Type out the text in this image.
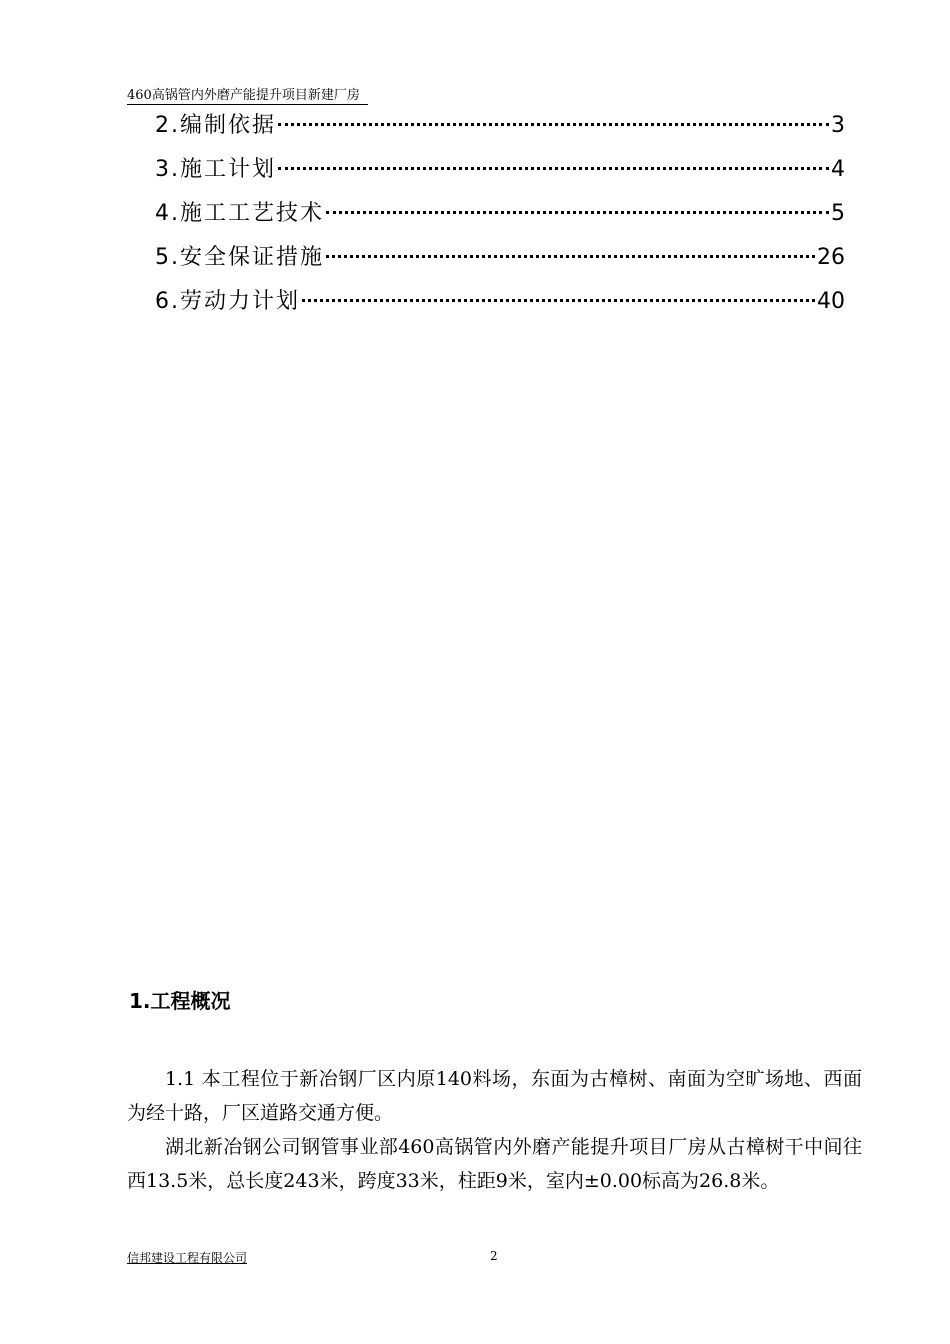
460高锅管内外磨产能提升项目新建厂房
2.编制依据	3
3.施工计划	4
4.施工工艺技术	5
5.安全保证措施	26
6.劳动力计划	40
1.工程概况

1.1 本工程位于新冶钢厂区内原140料场，东面为古樟树、南面为空旷场地、西面为经十路，厂区道路交通方便。

湖北新冶钢公司钢管事业部460高锅管内外磨产能提升项目厂房从古樟树干中间往西13.5米，总长度243米，跨度33米，柱距9米，室内±0.00标高为26.8米。

信邦建设工程有限公司	2
